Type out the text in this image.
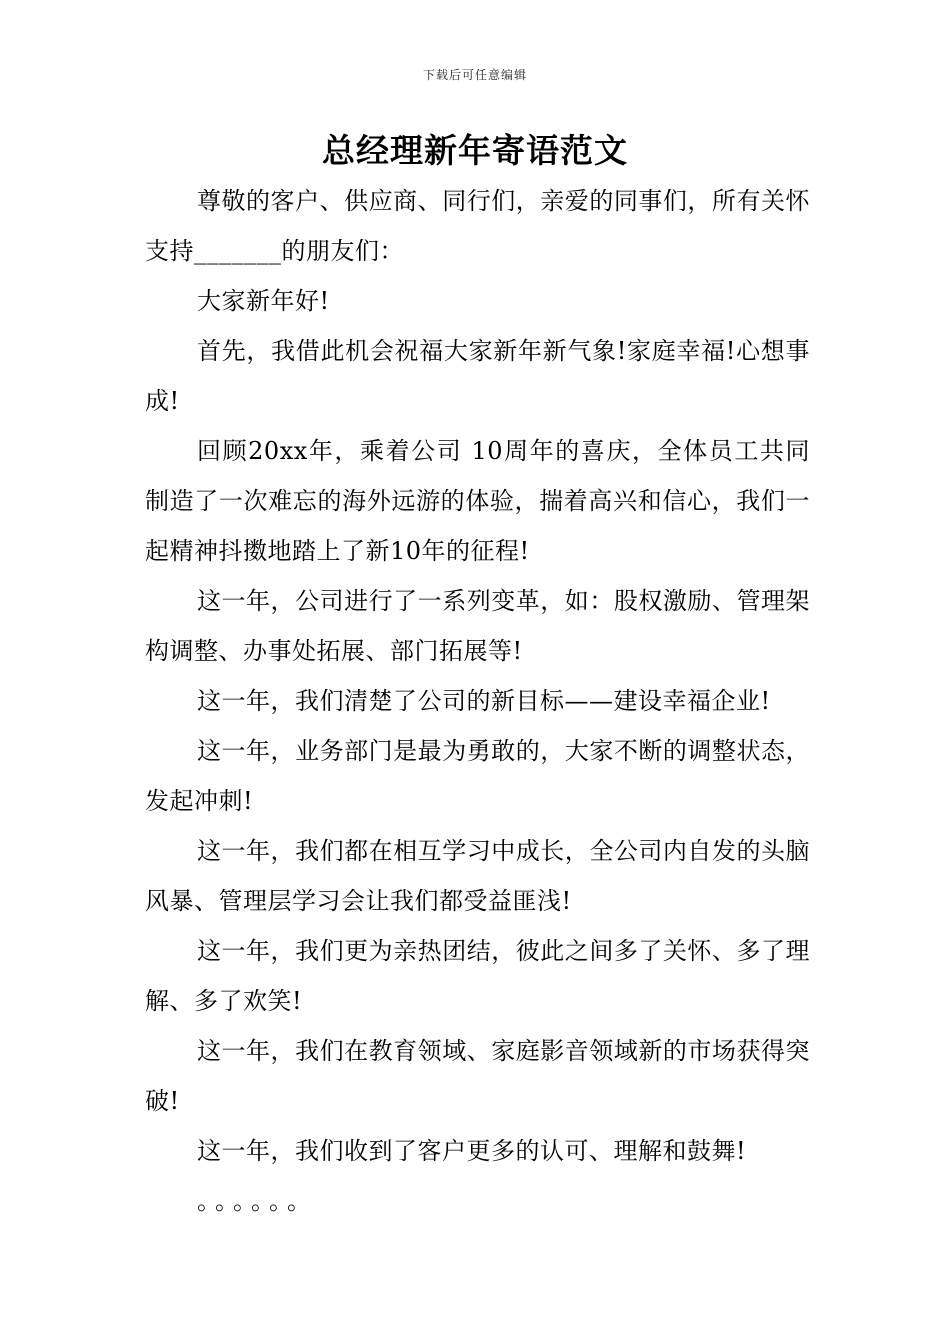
下载后可任意编辑
总经理新年寄语范文

尊敬的客户、供应商、同行们，亲爱的同事们，所有关怀支持_______的朋友们：

大家新年好!

首先，我借此机会祝福大家新年新气象!家庭幸福!心想事成!

回顾20xx年，乘着公司 10周年的喜庆，全体员工共同制造了一次难忘的海外远游的体验，揣着高兴和信心，我们一起精神抖擞地踏上了新10年的征程!

这一年，公司进行了一系列变革，如：股权激励、管理架构调整、办事处拓展、部门拓展等!

这一年，我们清楚了公司的新目标——建设幸福企业!

这一年，业务部门是最为勇敢的，大家不断的调整状态，发起冲刺!

这一年，我们都在相互学习中成长，全公司内自发的头脑风暴、管理层学习会让我们都受益匪浅!

这一年，我们更为亲热团结，彼此之间多了关怀、多了理解、多了欢笑!

这一年，我们在教育领域、家庭影音领域新的市场获得突破!

这一年，我们收到了客户更多的认可、理解和鼓舞!

。。。。。。
